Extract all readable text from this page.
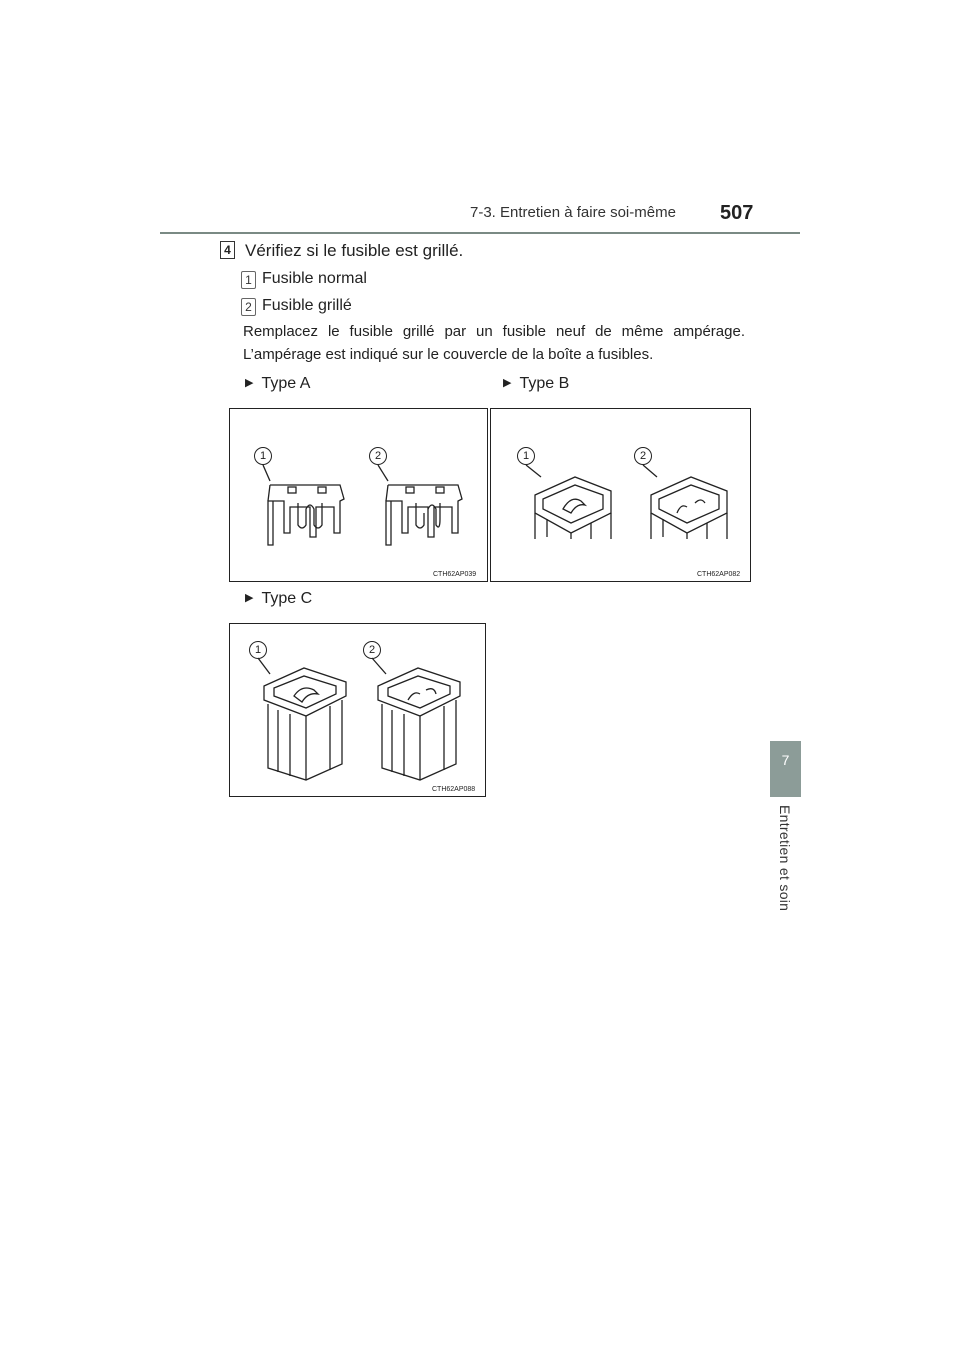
7-3. Entretien à faire soi-même 507
7
Entretien et soin
4 Vérifiez si le fusible est grillé.
1 Fusible normal
2 Fusible grillé
Remplacez le fusible grillé par un fusible neuf de même ampérage. L’ampérage est indiqué sur le couvercle de la boîte a fusibles.
▶ Type A	▶ Type B
▶ Type C
1	2
CTH62AP039
1	2
CTH62AP082
1	2
CTH62AP088
